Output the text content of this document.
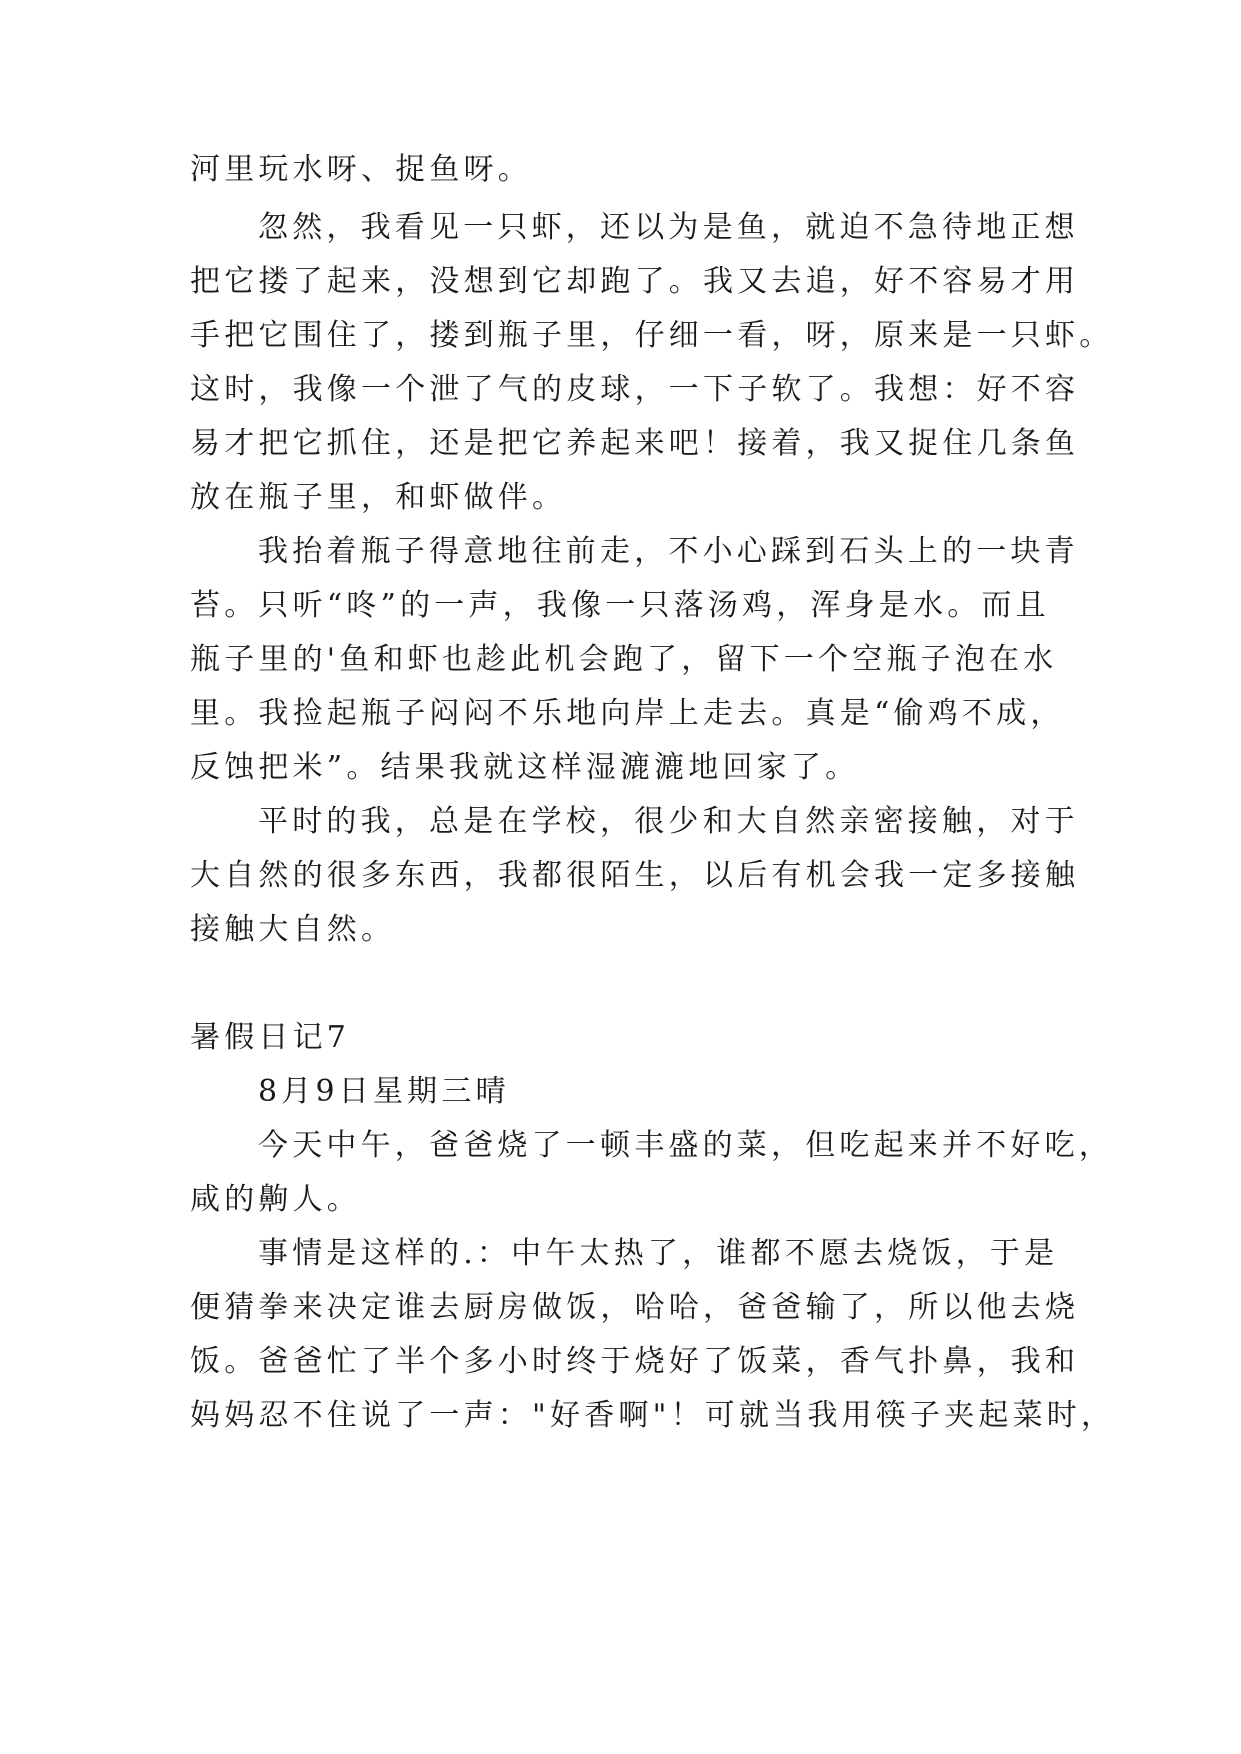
河里玩水呀、捉鱼呀。
忽然，我看见一只虾，还以为是鱼，就迫不急待地正想
把它搂了起来，没想到它却跑了。我又去追，好不容易才用
手把它围住了，搂到瓶子里，仔细一看，呀，原来是一只虾。
这时，我像一个泄了气的皮球，一下子软了。我想：好不容
易才把它抓住，还是把它养起来吧！接着，我又捉住几条鱼
放在瓶子里，和虾做伴。
我抬着瓶子得意地往前走，不小心踩到石头上的一块青
苔。只听“咚”的一声，我像一只落汤鸡，浑身是水。而且
瓶子里的'鱼和虾也趁此机会跑了，留下一个空瓶子泡在水
里。我捡起瓶子闷闷不乐地向岸上走去。真是“偷鸡不成，
反蚀把米”。结果我就这样湿漉漉地回家了。
平时的我，总是在学校，很少和大自然亲密接触，对于
大自然的很多东西，我都很陌生，以后有机会我一定多接触
接触大自然。
暑假日记7
8月9日星期三晴
今天中午，爸爸烧了一顿丰盛的菜，但吃起来并不好吃，
咸的齁人。
事情是这样的.：中午太热了，谁都不愿去烧饭，于是
便猜拳来决定谁去厨房做饭，哈哈，爸爸输了，所以他去烧
饭。爸爸忙了半个多小时终于烧好了饭菜，香气扑鼻，我和
妈妈忍不住说了一声："好香啊"！可就当我用筷子夹起菜时，
